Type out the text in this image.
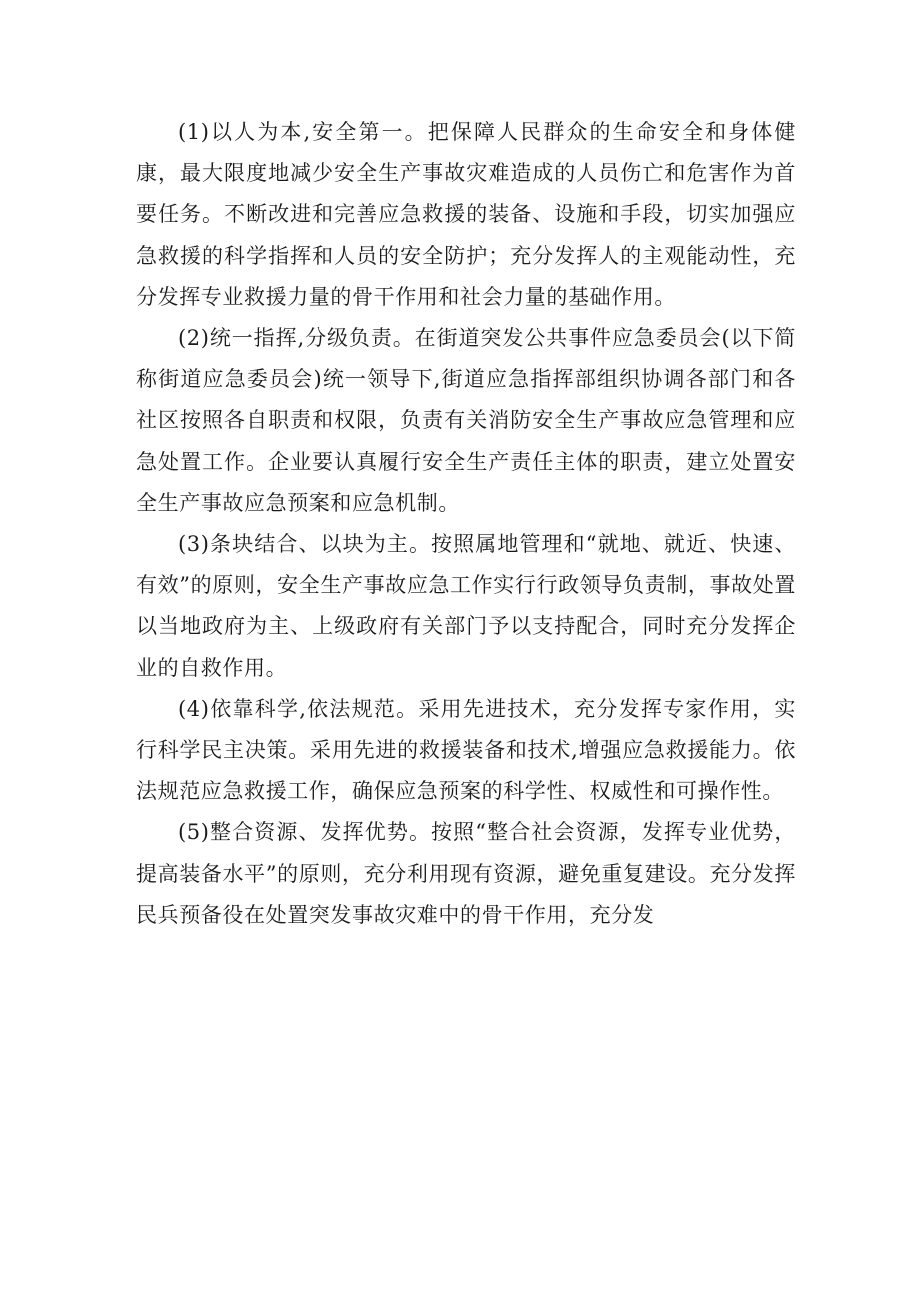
(1)以人为本,安全第一。把保障人民群众的生命安全和身体健康，最大限度地减少安全生产事故灾难造成的人员伤亡和危害作为首要任务。不断改进和完善应急救援的装备、设施和手段，切实加强应急救援的科学指挥和人员的安全防护；充分发挥人的主观能动性，充分发挥专业救援力量的骨干作用和社会力量的基础作用。

(2)统一指挥,分级负责。在街道突发公共事件应急委员会(以下简称街道应急委员会)统一领导下,街道应急指挥部组织协调各部门和各社区按照各自职责和权限，负责有关消防安全生产事故应急管理和应急处置工作。企业要认真履行安全生产责任主体的职责，建立处置安全生产事故应急预案和应急机制。

(3)条块结合、以块为主。按照属地管理和“就地、就近、快速、有效”的原则，安全生产事故应急工作实行行政领导负责制，事故处置以当地政府为主、上级政府有关部门予以支持配合，同时充分发挥企业的自救作用。

(4)依靠科学,依法规范。采用先进技术，充分发挥专家作用，实行科学民主决策。采用先进的救援装备和技术,增强应急救援能力。依法规范应急救援工作，确保应急预案的科学性、权威性和可操作性。

(5)整合资源、发挥优势。按照“整合社会资源，发挥专业优势，提高装备水平”的原则，充分利用现有资源，避免重复建设。充分发挥民兵预备役在处置突发事故灾难中的骨干作用，充分发
